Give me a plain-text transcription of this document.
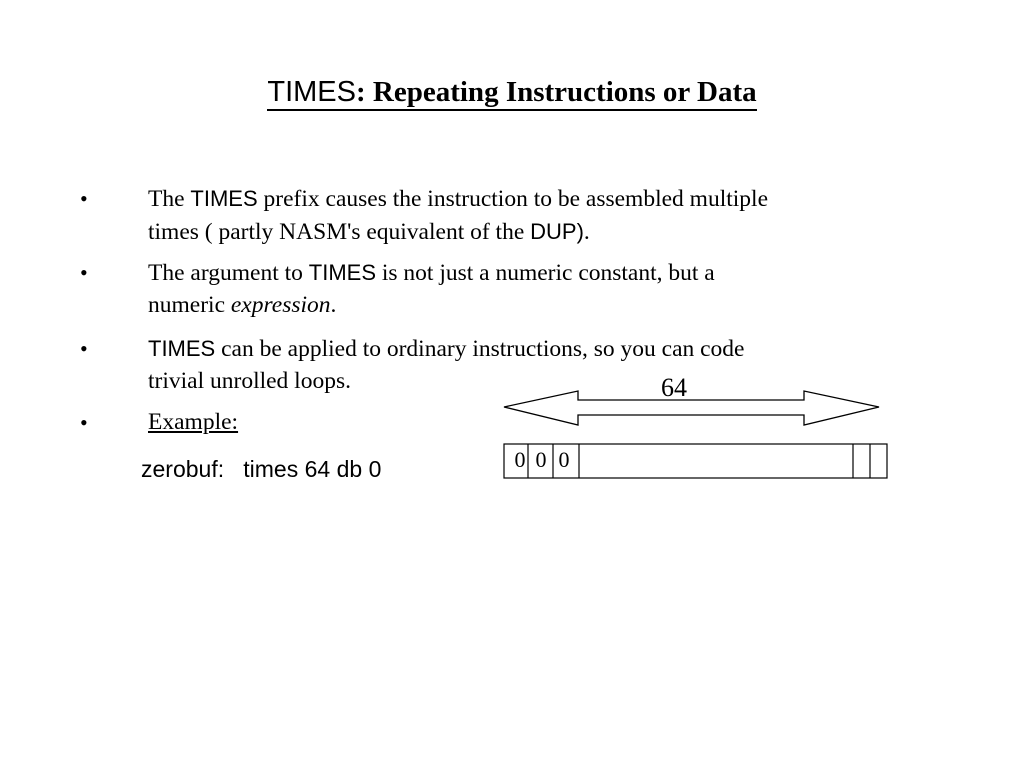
TIMES: Repeating Instructions or Data
•	The TIMES prefix causes the instruction to be assembled multiple
times ( partly NASM's equivalent of the DUP).
•	The argument to TIMES is not just a numeric constant, but a
numeric expression.
•	TIMES can be applied to ordinary instructions, so you can code
trivial unrolled loops.
•	Example:
zerobuf:   times 64 db 0
64
0 0 0
